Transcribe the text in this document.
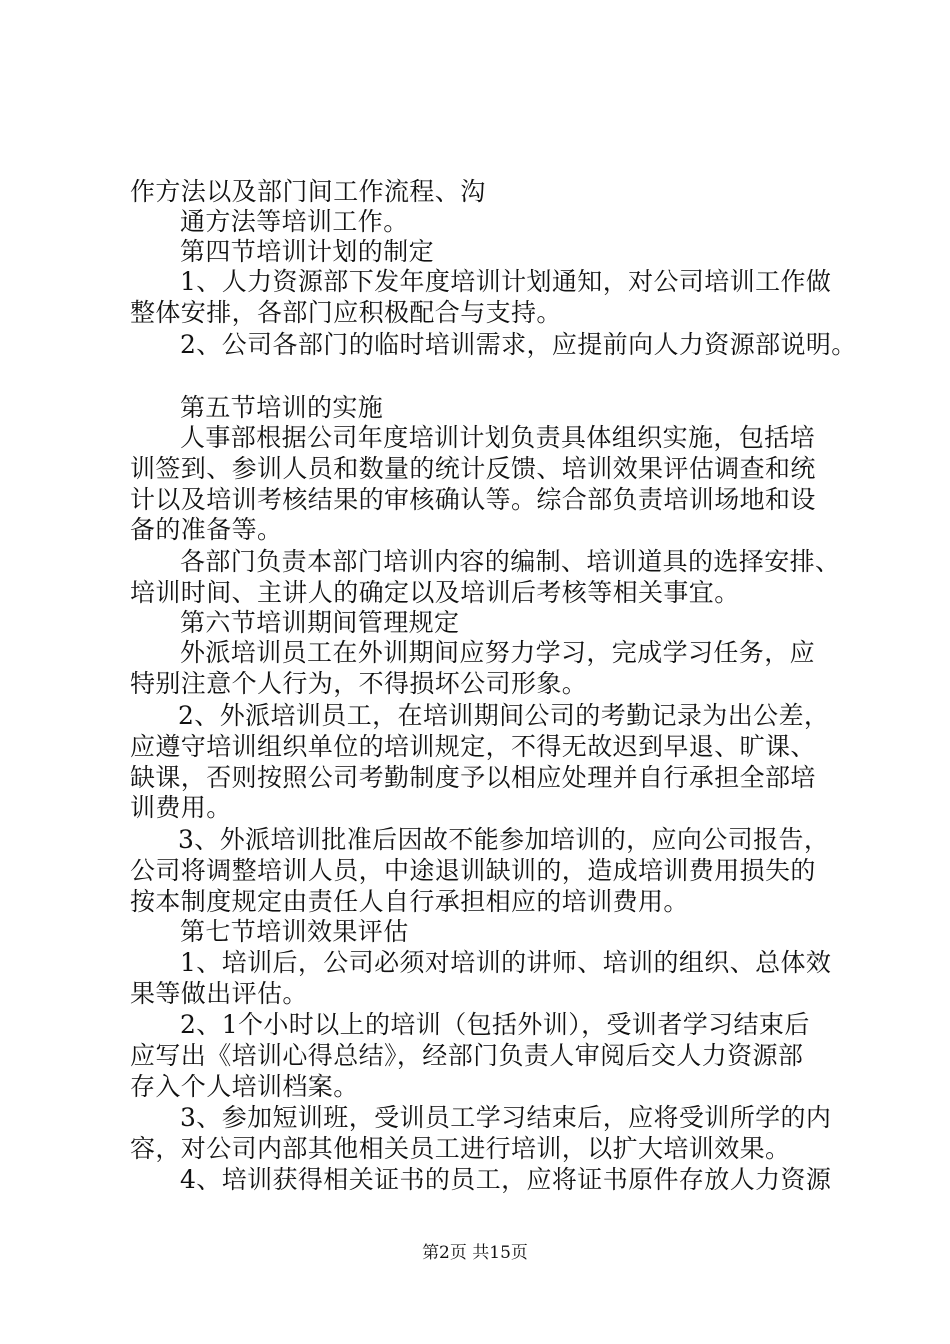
作方法以及部门间工作流程、沟
通方法等培训工作。
第四节培训计划的制定
1、人力资源部下发年度培训计划通知，对公司培训工作做
整体安排，各部门应积极配合与支持。
2、公司各部门的临时培训需求，应提前向人力资源部说明。
第五节培训的实施
人事部根据公司年度培训计划负责具体组织实施，包括培
训签到、参训人员和数量的统计反馈、培训效果评估调查和统
计以及培训考核结果的审核确认等。综合部负责培训场地和设
备的准备等。
各部门负责本部门培训内容的编制、培训道具的选择安排、
培训时间、主讲人的确定以及培训后考核等相关事宜。
第六节培训期间管理规定
外派培训员工在外训期间应努力学习，完成学习任务，应
特别注意个人行为，不得损坏公司形象。
2、外派培训员工，在培训期间公司的考勤记录为出公差，
应遵守培训组织单位的培训规定，不得无故迟到早退、旷课、
缺课，否则按照公司考勤制度予以相应处理并自行承担全部培
训费用。
3、外派培训批准后因故不能参加培训的，应向公司报告，
公司将调整培训人员，中途退训缺训的，造成培训费用损失的
按本制度规定由责任人自行承担相应的培训费用。
第七节培训效果评估
1、培训后，公司必须对培训的讲师、培训的组织、总体效
果等做出评估。
2、1个小时以上的培训（包括外训），受训者学习结束后
应写出《培训心得总结》，经部门负责人审阅后交人力资源部
存入个人培训档案。
3、参加短训班，受训员工学习结束后，应将受训所学的内
容，对公司内部其他相关员工进行培训，以扩大培训效果。
4、培训获得相关证书的员工，应将证书原件存放人力资源
第2页 共15页
